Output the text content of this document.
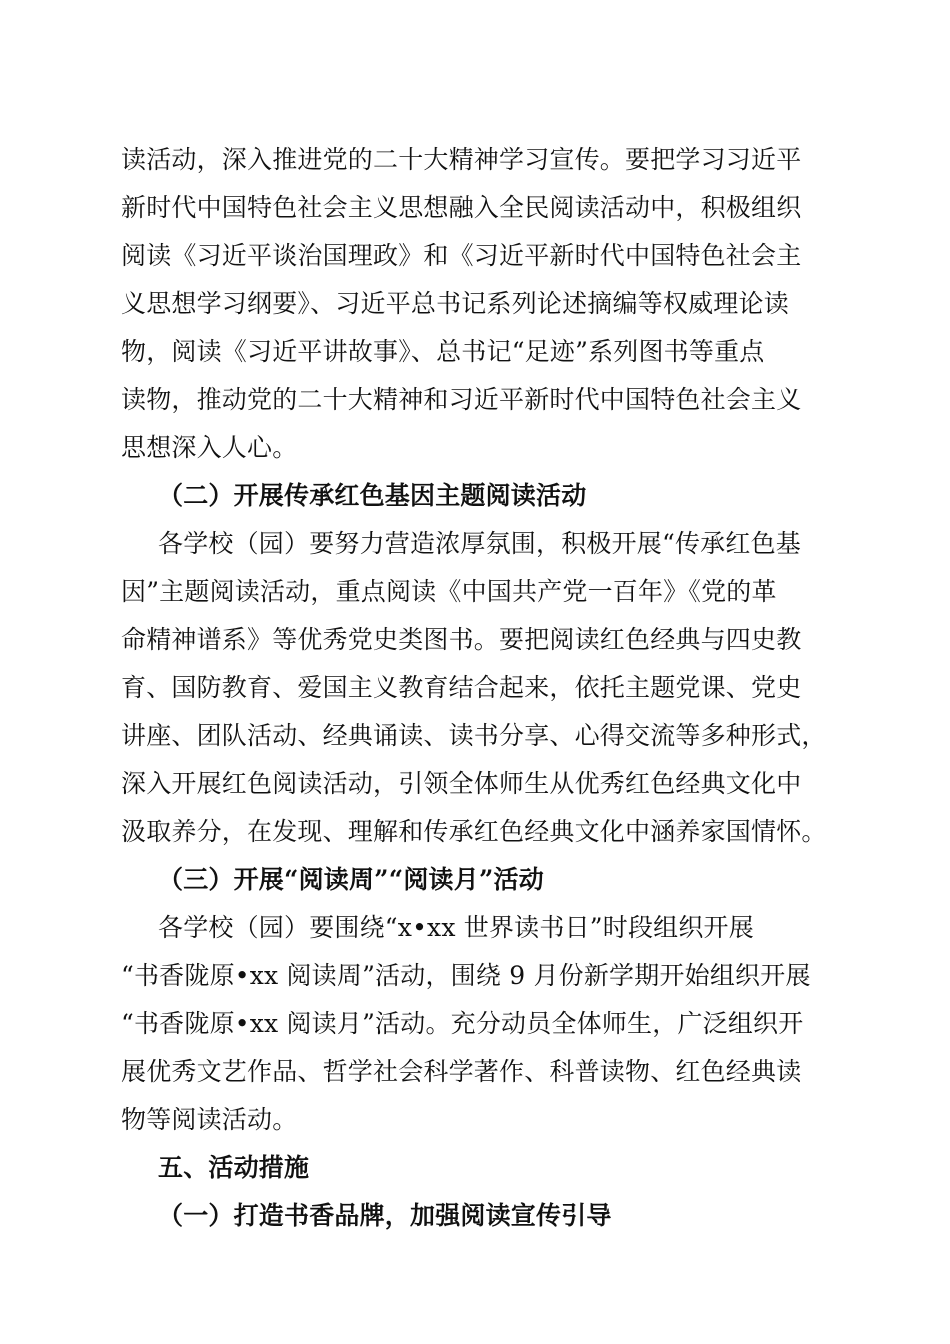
读活动，深入推进党的二十大精神学习宣传。要把学习习近平
新时代中国特色社会主义思想融入全民阅读活动中，积极组织
阅读《习近平谈治国理政》和《习近平新时代中国特色社会主
义思想学习纲要》、习近平总书记系列论述摘编等权威理论读
物，阅读《习近平讲故事》、总书记“足迹”系列图书等重点
读物，推动党的二十大精神和习近平新时代中国特色社会主义
思想深入人心。
（二）开展传承红色基因主题阅读活动
各学校（园）要努力营造浓厚氛围，积极开展“传承红色基
因”主题阅读活动，重点阅读《中国共产党一百年》《党的革
命精神谱系》等优秀党史类图书。要把阅读红色经典与四史教
育、国防教育、爱国主义教育结合起来，依托主题党课、党史
讲座、团队活动、经典诵读、读书分享、心得交流等多种形式，
深入开展红色阅读活动，引领全体师生从优秀红色经典文化中
汲取养分，在发现、理解和传承红色经典文化中涵养家国情怀。
（三）开展“阅读周”“阅读月”活动
各学校（园）要围绕“x•xx 世界读书日”时段组织开展
“书香陇原•xx 阅读周”活动，围绕 9 月份新学期开始组织开展
“书香陇原•xx 阅读月”活动。充分动员全体师生，广泛组织开
展优秀文艺作品、哲学社会科学著作、科普读物、红色经典读
物等阅读活动。
五、活动措施
（一）打造书香品牌，加强阅读宣传引导
